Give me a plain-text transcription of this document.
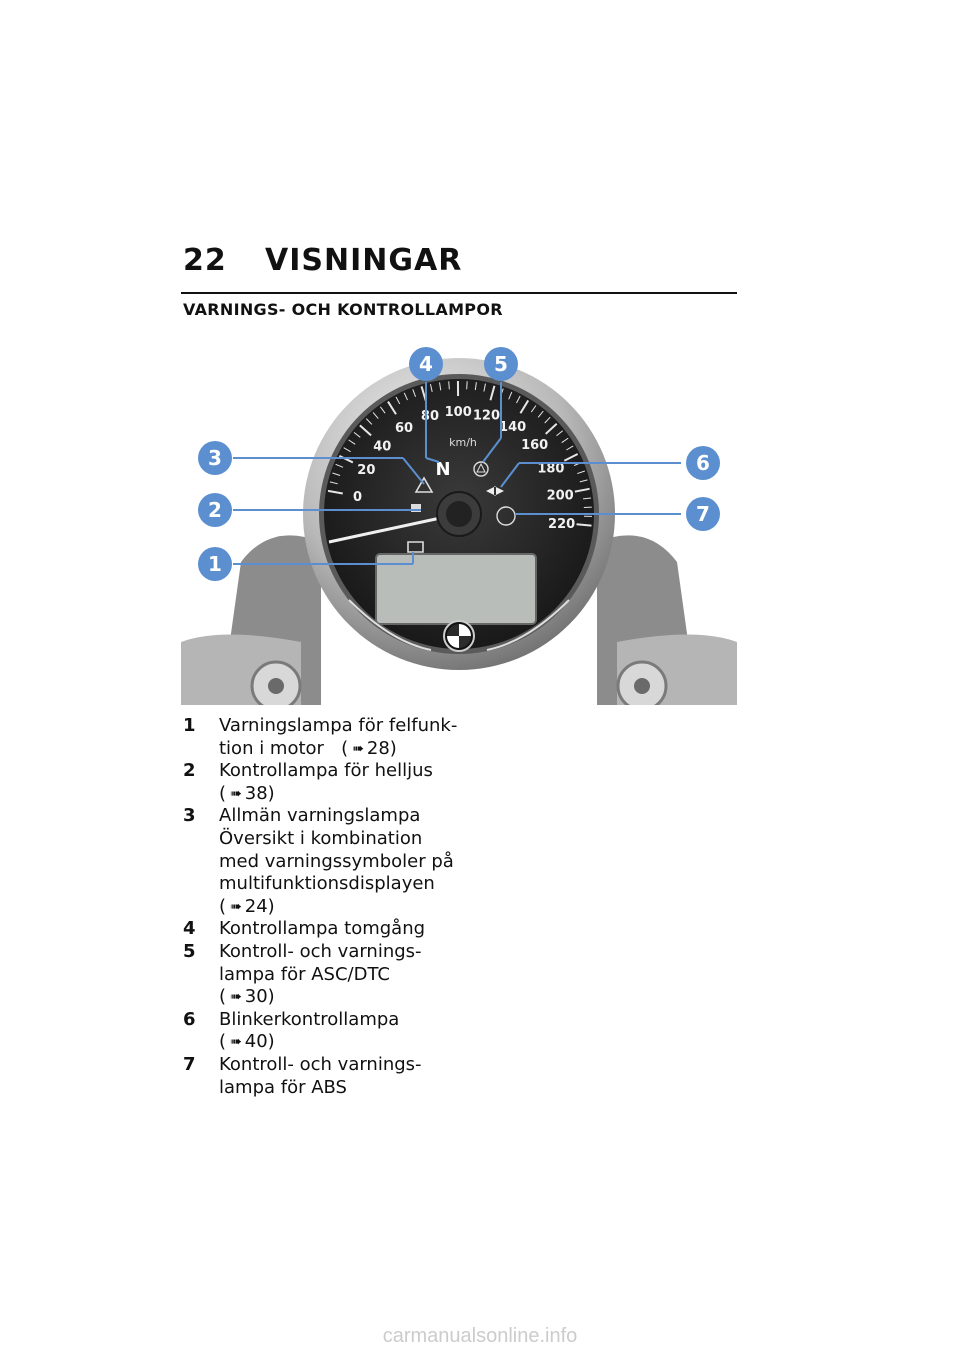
22	VISNINGAR
VARNINGS- OCH KONTROLLAMPOR
0
20
40
60
80 100 120
140
160
180
200
220
km/h
N
1
2
3
4	5
6
7
1	Varningslampa för felfunk-
tion i motor ( ➠ 28)
2	Kontrollampa för helljus
( ➠ 38)
3	Allmän varningslampa
Översikt i kombination
med varningssymboler på
multifunktionsdisplayen
( ➠ 24)
4	Kontrollampa tomgång
5	Kontroll- och varnings-
lampa för ASC/DTC
( ➠ 30)
6	Blinkerkontrollampa
( ➠ 40)
7	Kontroll- och varnings-
lampa för ABS
carmanualsonline.info
